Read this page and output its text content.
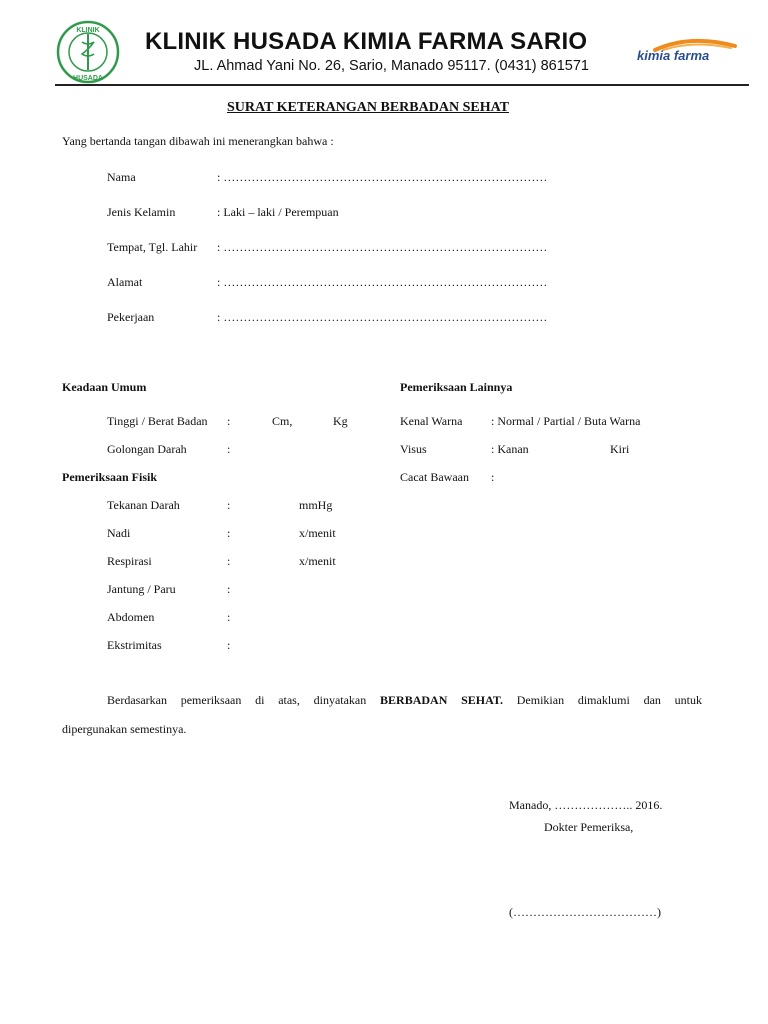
KLINIK
HUSADA
KLINIK HUSADA KIMIA FARMA SARIO
JL. Ahmad Yani No. 26, Sario, Manado 95117. (0431) 861571
kimia farma
SURAT KETERANGAN BERBADAN SEHAT
Yang bertanda tangan dibawah ini menerangkan bahwa :
Nama	: ………………………………………………………………………
Jenis Kelamin	: Laki – laki / Perempuan
Tempat, Tgl. Lahir : ………………………………………………………………………
Alamat	: ………………………………………………………………………
Pekerjaan	: ………………………………………………………………………
Keadaan Umum
Tinggi / Berat Badan :	Cm,	Kg
Golongan Darah	:
Pemeriksaan Fisik
Tekanan Darah	:	mmHg
Nadi	:	x/menit
Respirasi	:	x/menit
Jantung / Paru	:
Abdomen	:
Ekstrimitas	:
Pemeriksaan Lainnya
Kenal Warna : Normal / Partial / Buta Warna
Visus	: Kanan	Kiri
Cacat Bawaan :
Berdasarkan pemeriksaan di atas, dinyatakan BERBADAN SEHAT. Demikian dimaklumi dan untuk
dipergunakan semestinya.
Manado, ……………….. 2016.
Dokter Pemeriksa,
(………………………………)
